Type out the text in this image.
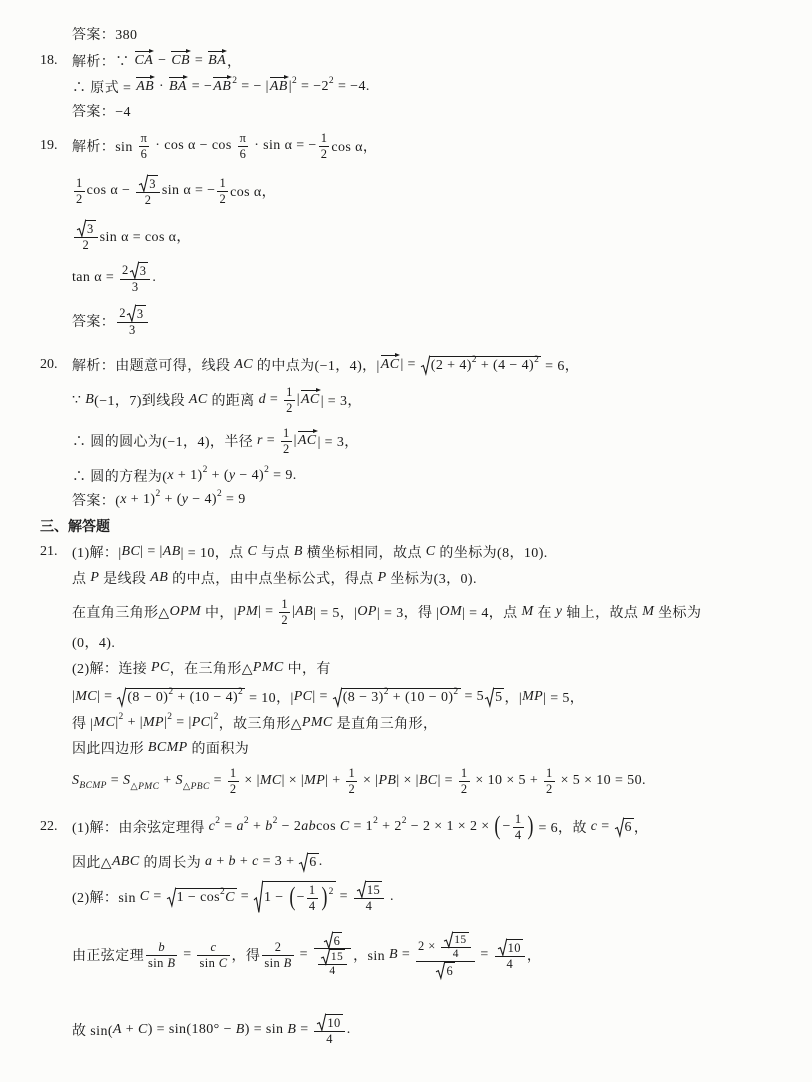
答案：380
18. 解析：∵ CA − CB = BA ，
∴ 原式 = AB · BA = − AB 2 = − | AB | 2 = −2 2 = −4.
答案：−4
19. 解析：$\sin \frac{\pi}{6} \cdot \cos \alpha - \cos \frac{\pi}{6} \cdot \sin \alpha$ = − $\frac{1}{2}$ cos α，
$\frac{1}{2}$ $\cos \alpha - \frac{3}{2}$ sin α = − $\frac{1}{2}$ cos α，
$\frac{3}{2}$ sin α = cos α，
$\tan \alpha = \frac{2 3}{3}$ .
答案： $\frac{2 3}{3}$
20. 解析：由题意可得，线段 AC 的中点为(−1，4)，| AC | = (2 + 4) 2 + (4 − 4) 2 = 6，
∵ B (−1，7)到线段 AC 的距离 $d = \frac{1}{2}$ | AC | = 3，
∴ 圆的圆心为(−1，4)，半径 $r = \frac{1}{2}$ | AC | = 3，
∴ 圆的方程为( x + 1) 2 + ( y − 4) 2 = 9.
答案：( x + 1) 2 + ( y − 4) 2 = 9
三、解答题
21. (1)解：| BC | = | AB | = 10，点 C 与点 B 横坐标相同，故点 C 的坐标为(8，10).
点 P 是线段 AB 的中点，由中点坐标公式，得点 P 坐标为(3，0).
在直角三角形△ OPM 中，| PM | = $\frac{1}{2}$ | AB | = 5，| OP | = 3，得 | OM | = 4，点 M 在 y 轴上，故点 M 坐标为
(0，4).
(2)解：连接 PC ，在三角形△ PMC 中，有
| MC | = (8 − 0) 2 + (10 − 4) 2 = 10，| PC | = (8 − 3) 2 + (10 − 0) 2 = 5 5 ，| MP | = 5，
得 | MC | 2 + | MP | 2 = | PC | 2 ，故三角形△ PMC 是直角三角形，
因此四边形 BCMP 的面积为
S BCMP = S △PMC + S △PBC = $\frac{1}{2}$ × | MC | × | MP | + $\frac{1}{2}$ × | PB | × | BC | = $\frac{1}{2} \times 10 \times 5 + \frac{1}{2} \times 5 \times 10 = 50$.
22. (1)解：由余弦定理得 c 2 = a 2 + b 2 − 2 ab cos C = 1 2 + 2 2 − 2 × 1 × 2 × ( − $\frac{1}{4}$ ) = 6，故 c = 6 ，
因此△ ABC 的周长为 a + b + c = 3 + 6 .
(2)解：sin C = 1 − cos 2 C = 1 − ( − $\frac{1}{4}$ ) $2 = \frac{15}{4}$ .
由正弦定理 $\frac{b}{\text{sin B}} = \frac{c}{\text{sin C}}$ ，得 $\frac{2}{\text{sin B}} = \frac{6}{\frac{15}{4}}$ ，$\sin B = \frac{2 \times \frac{15}{4}}{6} = \frac{10}{4}$ ，
故 sin( A + C ) = sin(180° − B ) = $\sin B = \frac{10}{4}$ .
